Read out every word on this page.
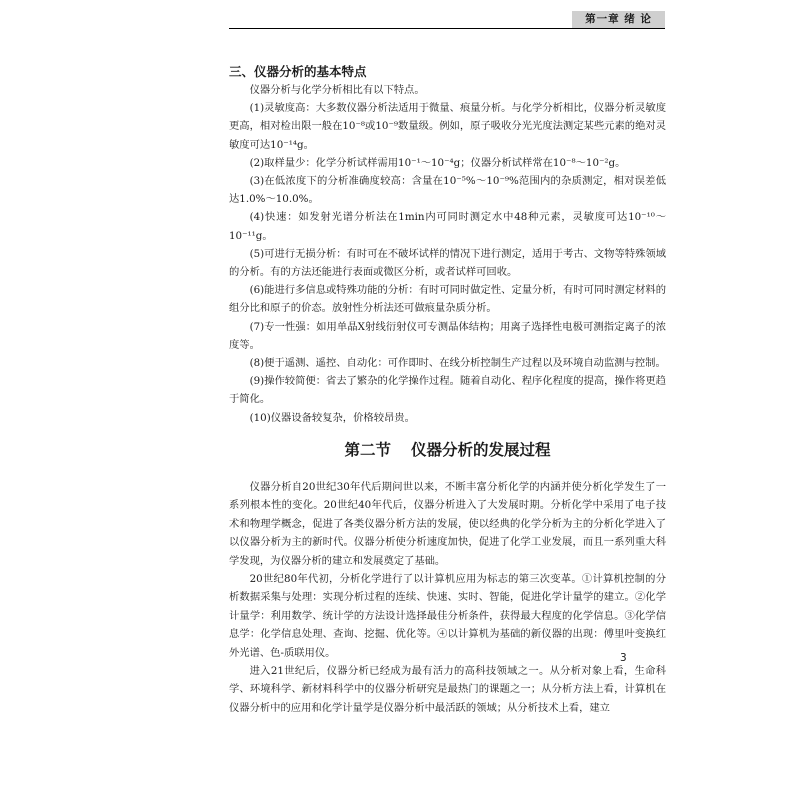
第一章 绪 论
三、仪器分析的基本特点

仪器分析与化学分析相比有以下特点。

(1)灵敏度高：大多数仪器分析法适用于微量、痕量分析。与化学分析相比，仪器分析灵敏度更高，相对检出限一般在10⁻⁸或10⁻⁹数量级。例如，原子吸收分光光度法测定某些元素的绝对灵敏度可达10⁻¹⁴g。

(2)取样量少：化学分析试样需用10⁻¹～10⁻⁴g；仪器分析试样常在10⁻⁸～10⁻²g。

(3)在低浓度下的分析准确度较高：含量在10⁻⁵%～10⁻⁹%范围内的杂质测定，相对误差低达1.0%～10.0%。

(4)快速：如发射光谱分析法在1min内可同时测定水中48种元素，灵敏度可达10⁻¹⁰～10⁻¹¹g。

(5)可进行无损分析：有时可在不破坏试样的情况下进行测定，适用于考古、文物等特殊领域的分析。有的方法还能进行表面或微区分析，或者试样可回收。

(6)能进行多信息或特殊功能的分析：有时可同时做定性、定量分析，有时可同时测定材料的组分比和原子的价态。放射性分析法还可做痕量杂质分析。

(7)专一性强：如用单晶X射线衍射仪可专测晶体结构；用离子选择性电极可测指定离子的浓度等。

(8)便于遥测、遥控、自动化：可作即时、在线分析控制生产过程以及环境自动监测与控制。

(9)操作较简便：省去了繁杂的化学操作过程。随着自动化、程序化程度的提高，操作将更趋于简化。

(10)仪器设备较复杂，价格较昂贵。

第二节 仪器分析的发展过程

仪器分析自20世纪30年代后期问世以来，不断丰富分析化学的内涵并使分析化学发生了一系列根本性的变化。20世纪40年代后，仪器分析进入了大发展时期。分析化学中采用了电子技术和物理学概念，促进了各类仪器分析方法的发展，使以经典的化学分析为主的分析化学进入了以仪器分析为主的新时代。仪器分析使分析速度加快，促进了化学工业发展，而且一系列重大科学发现，为仪器分析的建立和发展奠定了基础。

20世纪80年代初，分析化学进行了以计算机应用为标志的第三次变革。①计算机控制的分析数据采集与处理：实现分析过程的连续、快速、实时、智能，促进化学计量学的建立。②化学计量学：利用数学、统计学的方法设计选择最佳分析条件，获得最大程度的化学信息。③化学信息学：化学信息处理、查询、挖掘、优化等。④以计算机为基础的新仪器的出现：傅里叶变换红外光谱、色-质联用仪。

进入21世纪后，仪器分析已经成为最有活力的高科技领域之一。从分析对象上看，生命科学、环境科学、新材料科学中的仪器分析研究是最热门的课题之一；从分析方法上看，计算机在仪器分析中的应用和化学计量学是仪器分析中最活跃的领域；从分析技术上看，建立

3
